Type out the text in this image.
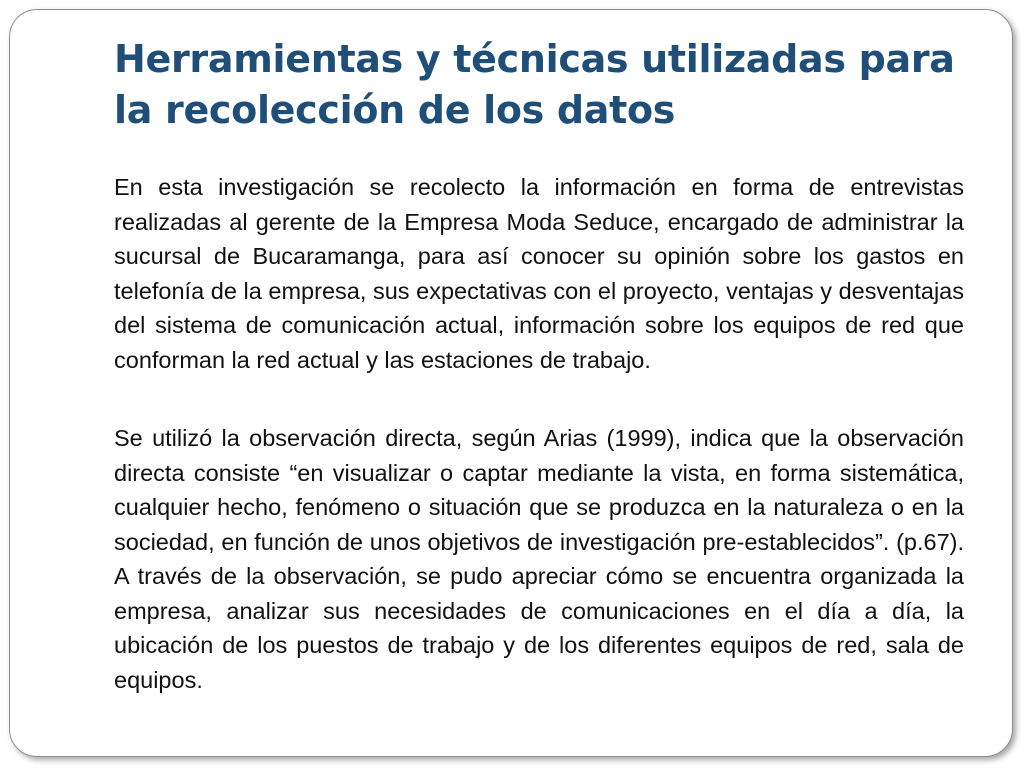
Herramientas y técnicas utilizadas para la recolección de los datos

En esta investigación se recolecto la información en forma de entrevistas realizadas al gerente de la Empresa Moda Seduce, encargado de administrar la sucursal de Bucaramanga, para así conocer su opinión sobre los gastos en telefonía de la empresa, sus expectativas con el proyecto, ventajas y desventajas del sistema de comunicación actual, información sobre los equipos de red que conforman la red actual y las estaciones de trabajo.

Se utilizó la observación directa, según Arias (1999), indica que la observación directa consiste “en visualizar o captar mediante la vista, en forma sistemática, cualquier hecho, fenómeno o situación que se produzca en la naturaleza o en la sociedad, en función de unos objetivos de investigación pre-establecidos”. (p.67). A través de la observación, se pudo apreciar cómo se encuentra organizada la empresa, analizar sus necesidades de comunicaciones en el día a día, la ubicación de los puestos de trabajo y de los diferentes equipos de red, sala de equipos.
